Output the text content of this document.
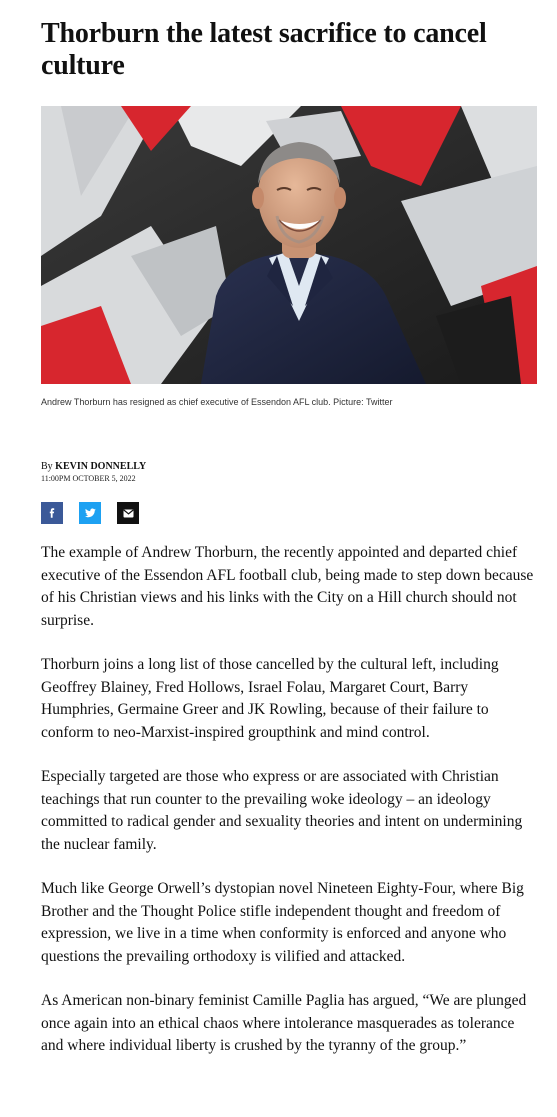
Thorburn the latest sacrifice to cancel culture
Andrew Thorburn has resigned as chief executive of Essendon AFL club. Picture: Twitter
By KEVIN DONNELLY
11:00PM OCTOBER 5, 2022

The example of Andrew Thorburn, the recently appointed and departed chief executive of the Essendon AFL football club, being made to step down because of his Christian views and his links with the City on a Hill church should not surprise.

Thorburn joins a long list of those cancelled by the cultural left, including Geoffrey Blainey, Fred Hollows, Israel Folau, Margaret Court, Barry Humphries, Germaine Greer and JK Rowling, because of their failure to conform to neo-Marxist-inspired groupthink and mind control.

Especially targeted are those who express or are associated with Christian teachings that run counter to the prevailing woke ideology – an ideology committed to radical gender and sexuality theories and intent on undermining the nuclear family.

Much like George Orwell’s dystopian novel Nineteen Eighty-Four, where Big Brother and the Thought Police stifle independent thought and freedom of expression, we live in a time when conformity is enforced and anyone who questions the prevailing orthodoxy is vilified and attacked.

As American non-binary feminist Camille Paglia has argued, “We are plunged once again into an ethical chaos where intolerance masquerades as tolerance and where individual liberty is crushed by the tyranny of the group.”
